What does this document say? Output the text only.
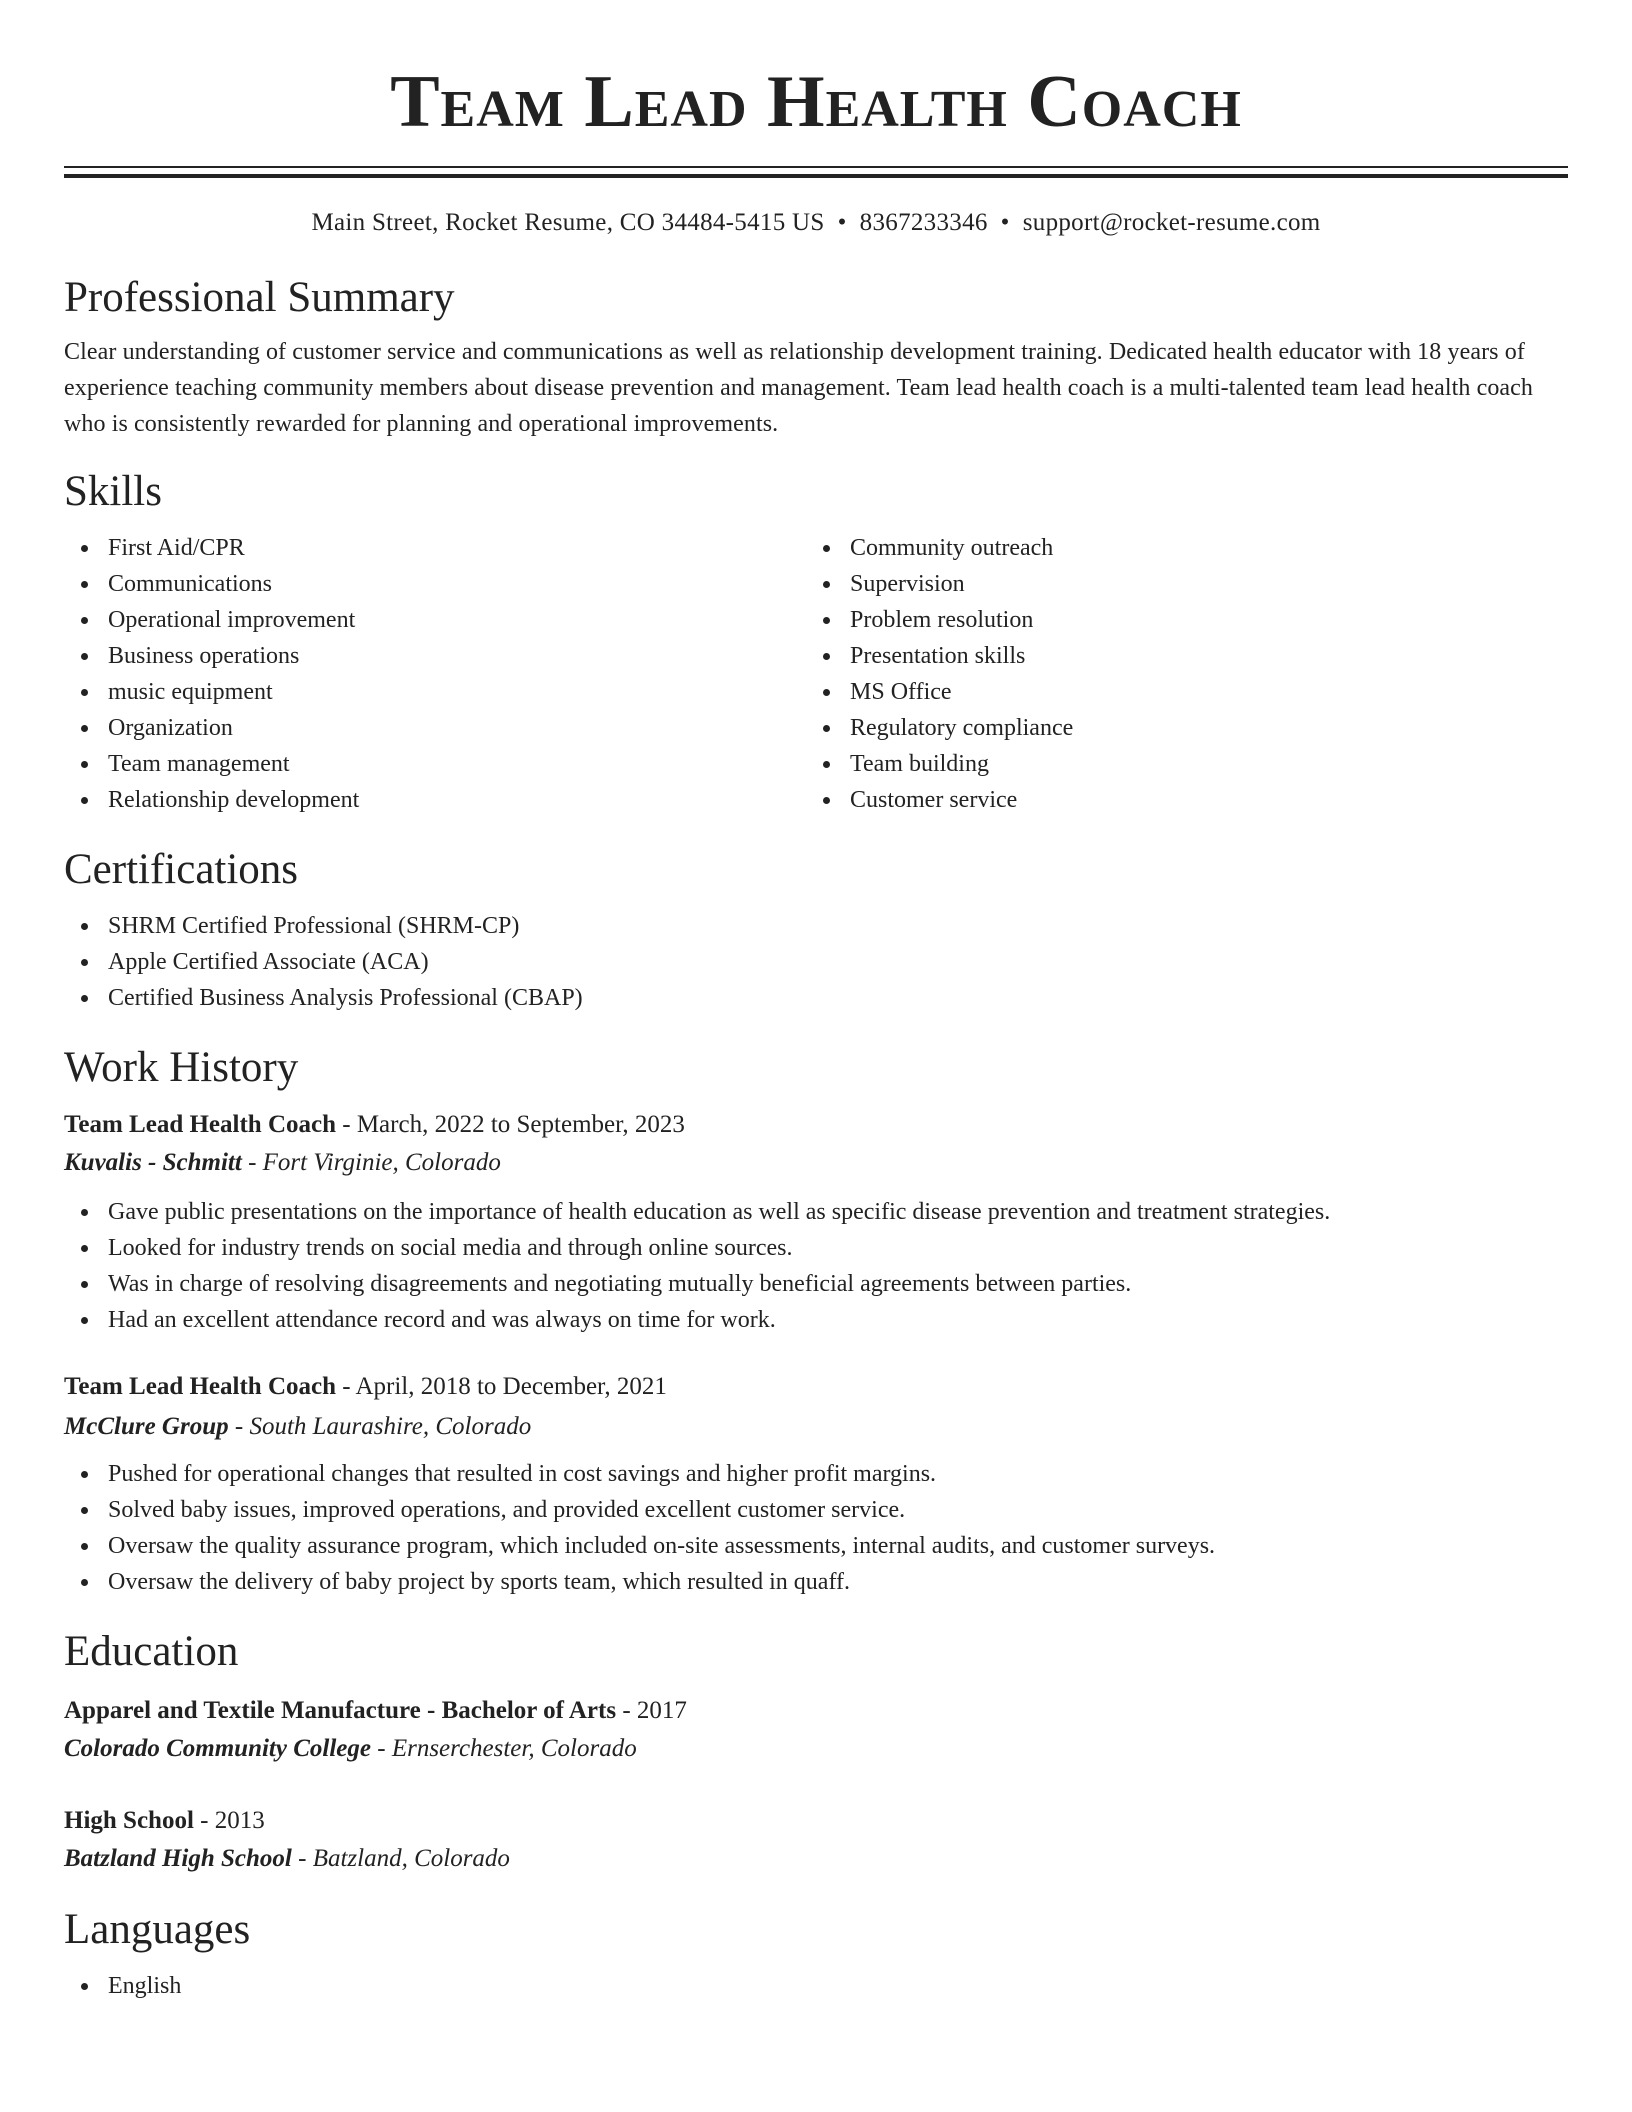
Team Lead Health Coach
Main Street, Rocket Resume, CO 34484-5415 US • 8367233346 • support@rocket-resume.com
Professional Summary

Clear understanding of customer service and communications as well as relationship development training. Dedicated health educator with 18 years of experience teaching community members about disease prevention and management. Team lead health coach is a multi-talented team lead health coach who is consistently rewarded for planning and operational improvements.

Skills
First Aid/CPR
Communications
Operational improvement
Business operations
music equipment
Organization
Team management
Relationship development
Community outreach
Supervision
Problem resolution
Presentation skills
MS Office
Regulatory compliance
Team building
Customer service
Certifications
SHRM Certified Professional (SHRM-CP)
Apple Certified Associate (ACA)
Certified Business Analysis Professional (CBAP)
Work History
Team Lead Health Coach - March, 2022 to September, 2023
Kuvalis - Schmitt - Fort Virginie, Colorado
Gave public presentations on the importance of health education as well as specific disease prevention and treatment strategies.
Looked for industry trends on social media and through online sources.
Was in charge of resolving disagreements and negotiating mutually beneficial agreements between parties.
Had an excellent attendance record and was always on time for work.
Team Lead Health Coach - April, 2018 to December, 2021
McClure Group - South Laurashire, Colorado
Pushed for operational changes that resulted in cost savings and higher profit margins.
Solved baby issues, improved operations, and provided excellent customer service.
Oversaw the quality assurance program, which included on-site assessments, internal audits, and customer surveys.
Oversaw the delivery of baby project by sports team, which resulted in quaff.
Education
Apparel and Textile Manufacture - Bachelor of Arts - 2017
Colorado Community College - Ernserchester, Colorado
High School - 2013
Batzland High School - Batzland, Colorado
Languages
English
